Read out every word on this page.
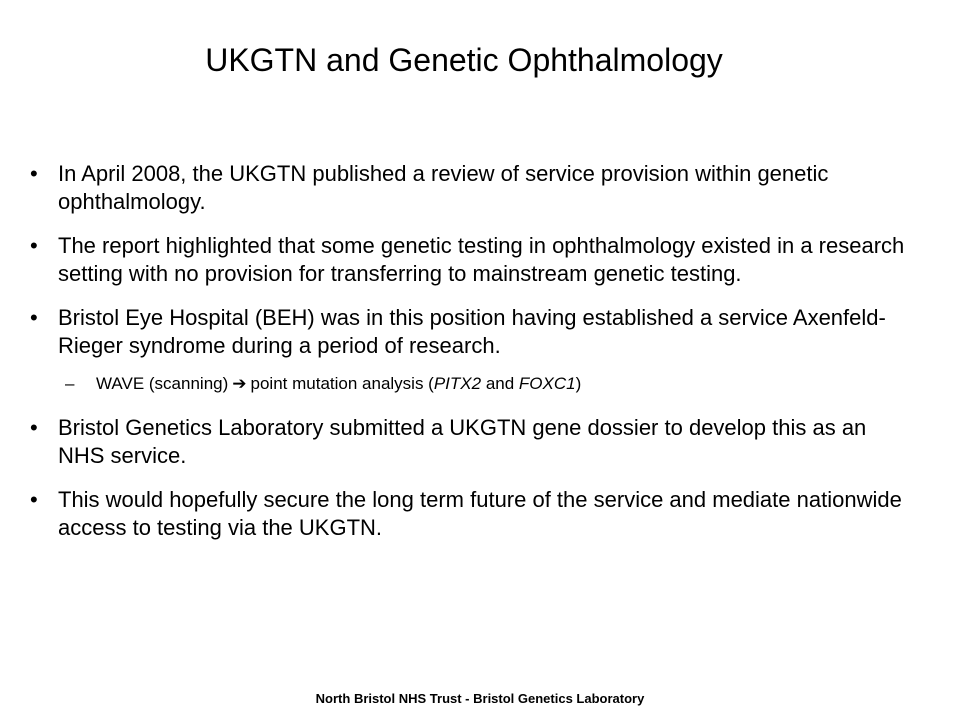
UKGTN and Genetic Ophthalmology
• In April 2008, the UKGTN published a review of service provision within genetic ophthalmology.
• The report highlighted that some genetic testing in ophthalmology existed in a research setting with no provision for transferring to mainstream genetic testing.
• Bristol Eye Hospital (BEH) was in this position having established a service Axenfeld-Rieger syndrome during a period of research.
– WAVE (scanning) ➔ point mutation analysis (PITX2 and FOXC1)
• Bristol Genetics Laboratory submitted a UKGTN gene dossier to develop this as an NHS service.
• This would hopefully secure the long term future of the service and mediate nationwide access to testing via the UKGTN.
North Bristol NHS Trust - Bristol Genetics Laboratory
